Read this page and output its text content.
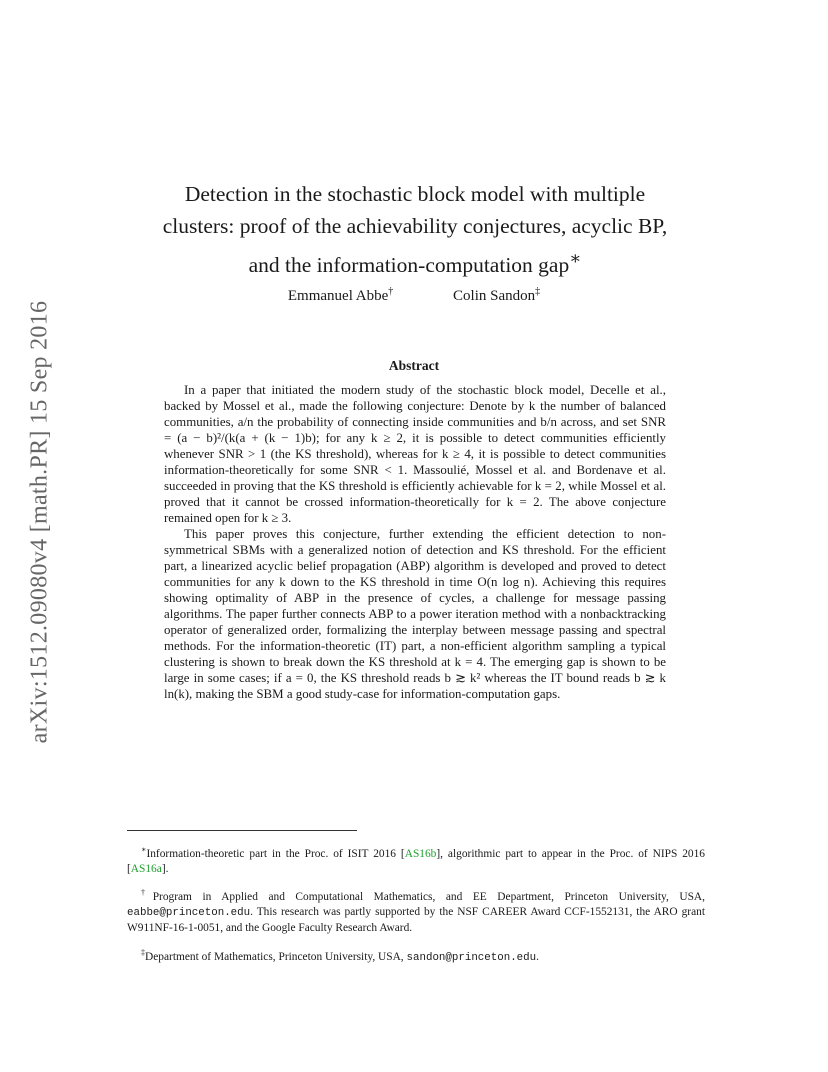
arXiv:1512.09080v4 [math.PR] 15 Sep 2016
Detection in the stochastic block model with multiple
clusters: proof of the achievability conjectures, acyclic BP,
and the information-computation gap∗
Emmanuel Abbe†	Colin Sandon‡
Abstract

In a paper that initiated the modern study of the stochastic block model, Decelle et al., backed by Mossel et al., made the following conjecture: Denote by k the number of balanced communities, a/n the probability of connecting inside communities and b/n across, and set SNR = (a − b)²/(k(a + (k − 1)b); for any k ≥ 2, it is possible to detect communities efficiently whenever SNR > 1 (the KS threshold), whereas for k ≥ 4, it is possible to detect communities information-theoretically for some SNR < 1. Massoulié, Mossel et al. and Bordenave et al. succeeded in proving that the KS threshold is efficiently achievable for k = 2, while Mossel et al. proved that it cannot be crossed information-theoretically for k = 2. The above conjecture remained open for k ≥ 3.

This paper proves this conjecture, further extending the efficient detection to non-symmetrical SBMs with a generalized notion of detection and KS threshold. For the efficient part, a linearized acyclic belief propagation (ABP) algorithm is developed and proved to detect communities for any k down to the KS threshold in time O(n log n). Achieving this requires showing optimality of ABP in the presence of cycles, a challenge for message passing algorithms. The paper further connects ABP to a power iteration method with a nonbacktracking operator of generalized order, formalizing the interplay between message passing and spectral methods. For the information-theoretic (IT) part, a non-efficient algorithm sampling a typical clustering is shown to break down the KS threshold at k = 4. The emerging gap is shown to be large in some cases; if a = 0, the KS threshold reads b ≳ k² whereas the IT bound reads b ≳ k ln(k), making the SBM a good study-case for information-computation gaps.

∗Information-theoretic part in the Proc. of ISIT 2016 [AS16b], algorithmic part to appear in the Proc. of NIPS 2016 [AS16a].

†Program in Applied and Computational Mathematics, and EE Department, Princeton University, USA, eabbe@princeton.edu. This research was partly supported by the NSF CAREER Award CCF-1552131, the ARO grant W911NF-16-1-0051, and the Google Faculty Research Award.

‡Department of Mathematics, Princeton University, USA, sandon@princeton.edu.
